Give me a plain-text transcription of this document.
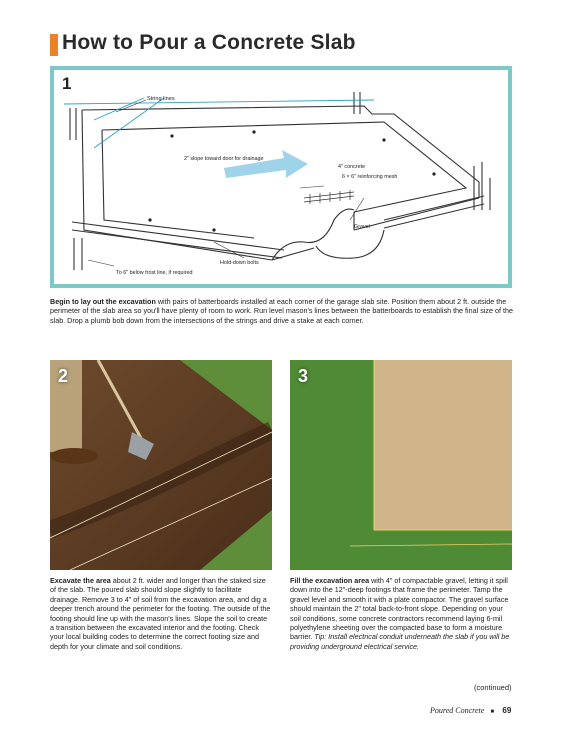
How to Pour a Concrete Slab
1
String lines
2" slope toward door for drainage
4" concrete
6 × 6" reinforcing mesh
Gravel
Hold-down bolts
To 6" below frost line, if required
Begin to lay out the excavation with pairs of batterboards installed at each corner of the garage slab site. Position them about 2 ft. outside the perimeter of the slab area so you'll have plenty of room to work. Run level mason's lines between the batterboards to establish the final size of the slab. Drop a plumb bob down from the intersections of the strings and drive a stake at each corner.
2	3
Excavate the area about 2 ft. wider and longer than the staked size of the slab. The poured slab should slope slightly to facilitate drainage. Remove 3 to 4" of soil from the excavation area, and dig a deeper trench around the perimeter for the footing. The outside of the footing should line up with the mason's lines. Slope the soil to create a transition between the excavated interior and the footing. Check your local building codes to determine the correct footing size and depth for your climate and soil conditions.
Fill the excavation area with 4" of compactable gravel, letting it spill down into the 12"-deep footings that frame the perimeter. Tamp the gravel level and smooth it with a plate compactor. The gravel surface should maintain the 2" total back-to-front slope. Depending on your soil conditions, some concrete contractors recommend laying 6-mil polyethylene sheeting over the compacted base to form a moisture barrier. Tip: Install electrical conduit underneath the slab if you will be providing underground electrical service.
(continued)
Poured Concrete ■ 69
